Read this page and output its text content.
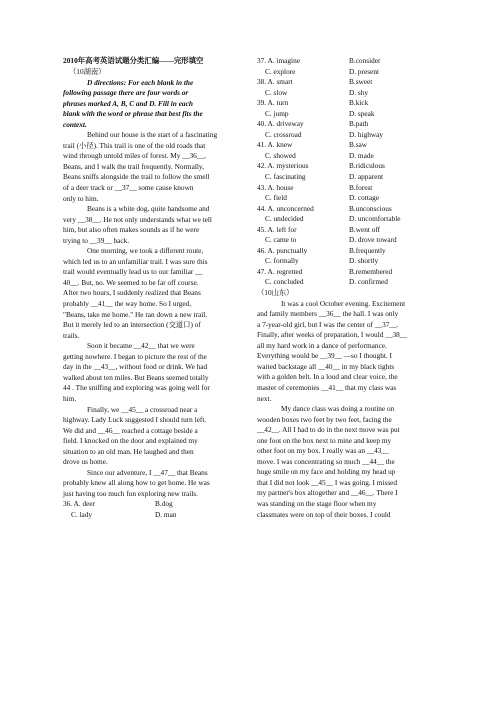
2010年高考英语试题分类汇编——完形填空
（10湖南）
D directions: For each blank in the
following passage there are four words or
phrases marked A, B, C and D. Fill in each
blank with the word or phrase that best fits the
context.
Behind our house is the start of a fascinating
trail (小径). This trail is one of the old roads that
wind through untold miles of forest. My __36__,
Beans, and I walk the trail frequently. Normally,
Beans sniffs alongside the trail to follow the smell
of a deer track or __37__ some cause known
only to him.
Beans is a white dog, quite handsome and
very __38__. He not only understands what we tell
him, but also often makes sounds as if he were
trying to __39__ back.
One morning, we took a different route,
which led us to an unfamiliar trail. I was sure this
trail would eventually lead us to our familiar __
40__. But, no. We seemed to be far off course.
After two hours, I suddenly realized that Beans
probably __41__ the way home. So I urged,
"Beans, take me home." He ran down a new trail.
But it merely led to an intersection (交道口) of
trails.
Soon it became __42__ that we were
getting nowhere. I began to picture the rest of the
day in the __43__, without food or drink. We had
walked about ten miles. But Beans seemed totally
44 . The sniffing and exploring was going well for
him.
Finally, we __45__ a crossroad near a
highway. Lady Luck suggested I should turn left.
We did and __46__ reached a cottage beside a
field. I knocked on the door and explained my
situation to an old man. He laughed and then
drove us home.
Since our adventure, I __47__ that Beans
probably knew all along how to get home. He was
just having too much fun exploring new trails.
36. A. deer	B.dog
C. lady	D. man
37. A. imagine	B.consider
C. explore	D. present
38. A. smart	B.sweet
C. slow	D. shy
39. A. turn	B.kick
C. jump	D. speak
40. A. driveway	B.path
C. crossroad	D. highway
41. A. knew	B.saw
C. showed	D. made
42. A. mysterious	B.ridiculous
C. fascinating	D. apparent
43. A. house	B.forest
C. field	D. cottage
44. A. unconcerned	B.unconscious
C. undecided	D. uncomfortable
45. A. left for	B.went off
C. came to	D. drove toward
46. A. punctually	B.frequently
C. formally	D. shortly
47. A. regretted	B.remembered
C. concluded	D. confirmed
（10山东）
It was a cool October evening. Excitement
and family members __36__ the hall. I was only
a 7-year-old girl, but I was the center of __37__.
Finally, after weeks of preparation, I would __38__
all my hard work in a dance of performance.
Everything would be __39__ —so I thought. I
waited backstage all __40__ in my black tights
with a golden belt. In a loud and clear voice, the
master of ceremonies __41__ that my class was
next.
My dance class was doing a routine on
wooden boxes two feet by two feet, facing the
__42__. All I had to do in the next move was put
one foot on the box next to mine and keep my
other foot on my box. I really was an __43__
move. I was concentrating so much __44__ the
huge smile on my face and holding my head up
that I did not look __45__ I was going. I missed
my partner's box altogether and __46__. There I
was standing on the stage floor when my
classmates were on top of their boxes. I could
